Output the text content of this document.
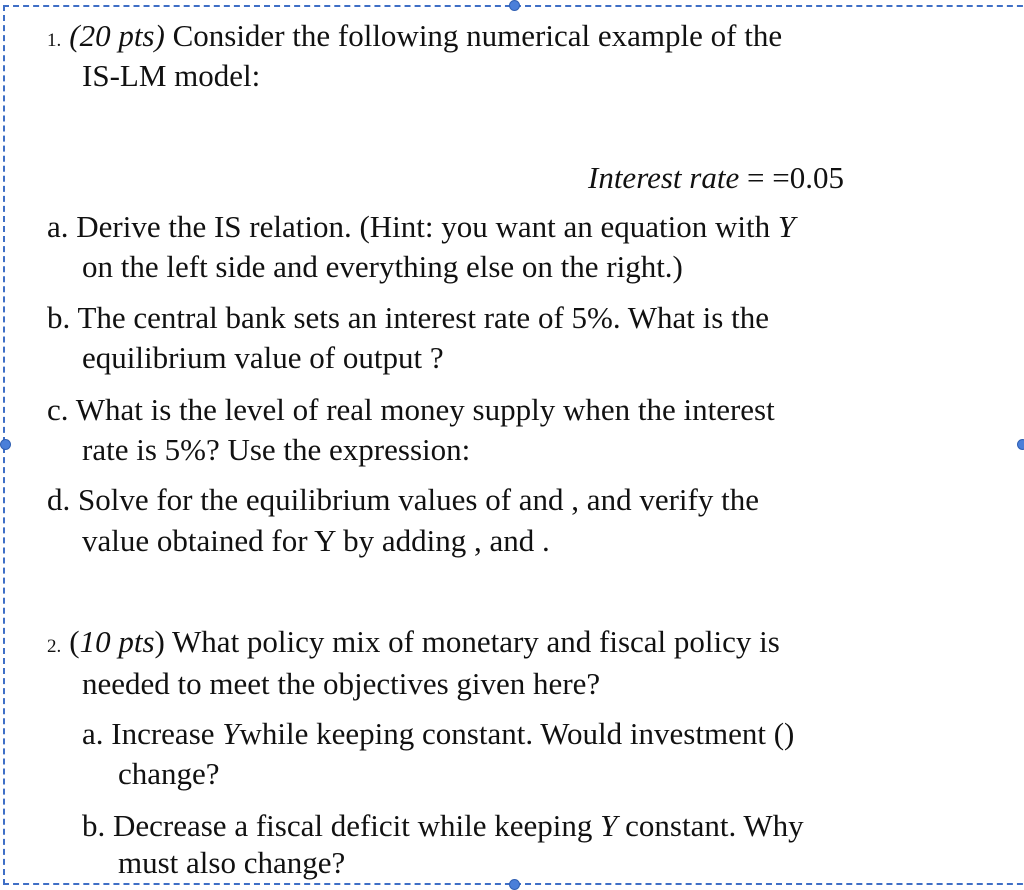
1. (20 pts) Consider the following numerical example of the
IS-LM model:
Interest rate = =0.05
a. Derive the IS relation. (Hint: you want an equation with Y
on the left side and everything else on the right.)
b. The central bank sets an interest rate of 5%. What is the
equilibrium value of output ?
c. What is the level of real money supply when the interest
rate is 5%? Use the expression:
d. Solve for the equilibrium values of and , and verify the
value obtained for Y by adding , and .
2. (10 pts) What policy mix of monetary and fiscal policy is
needed to meet the objectives given here?
a. Increase Ywhile keeping constant. Would investment ()
change?
b. Decrease a fiscal deficit while keeping Y constant. Why
must also change?
